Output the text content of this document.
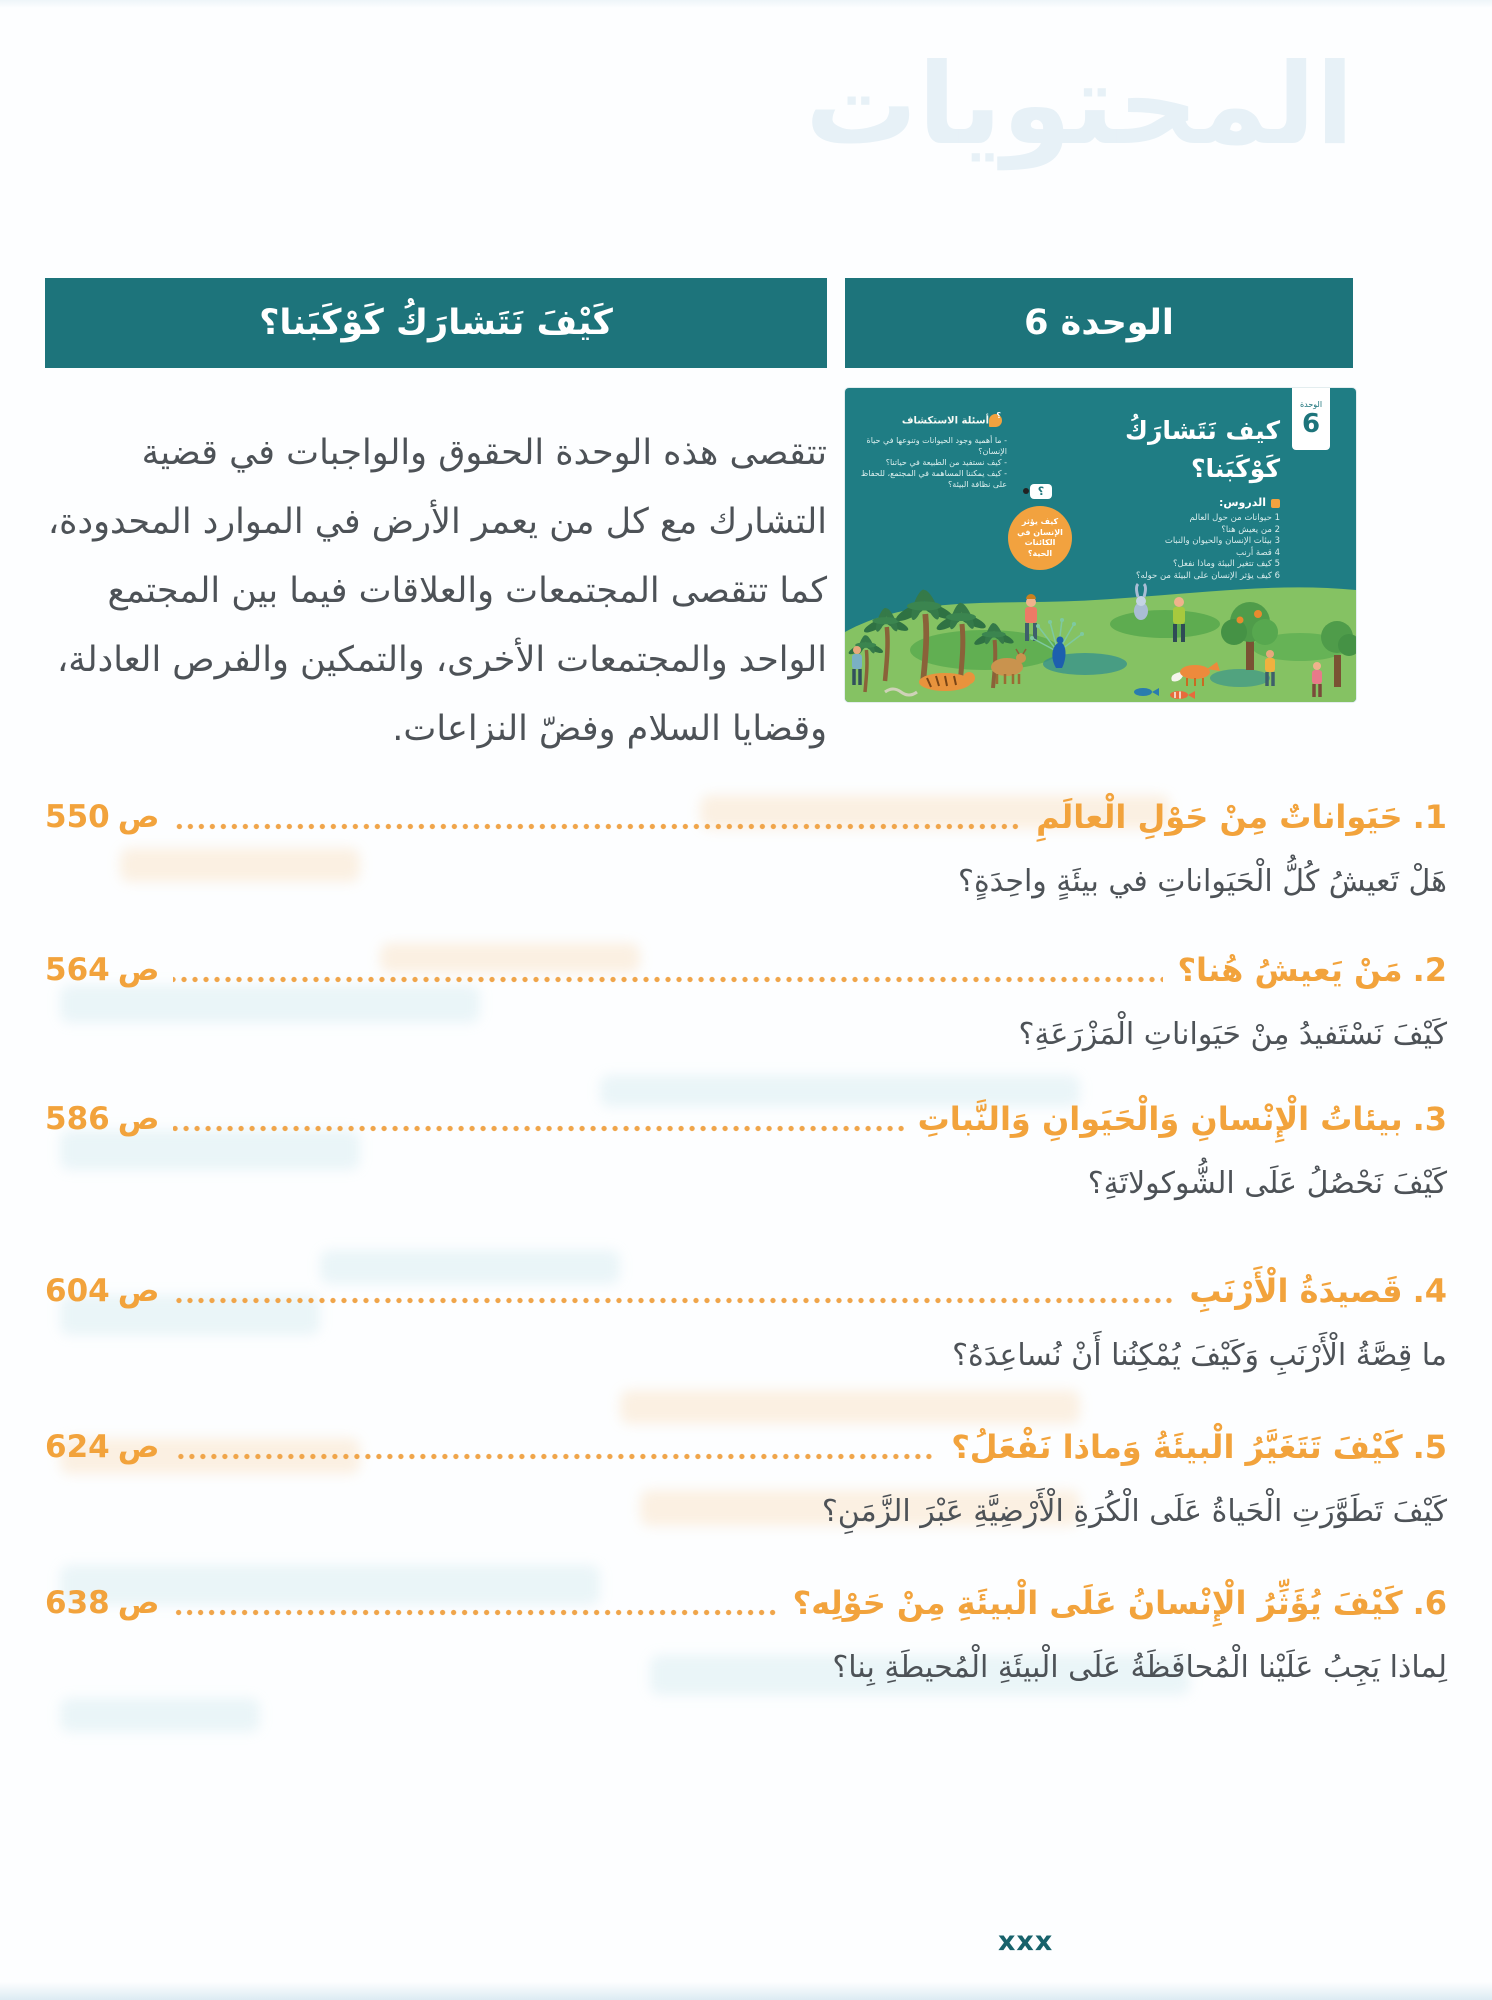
المحتويات
كَيْفَ نَتَشارَكُ كَوْكَبَنا؟	الوحدة 6

تتقصى هذه الوحدة الحقوق والواجبات في قضية التشارك مع كل من يعمر الأرض في الموارد المحدودة، كما تتقصى المجتمعات والعلاقات فيما بين المجتمع الواحد والمجتمعات الأخرى، والتمكين والفرص العادلة، وقضايا السلام وفضّ النزاعات.

الوحدة
6
كيف نَتَشارَكُ كَوْكَبَنا؟
الدروس:
1 حيوانات من حول العالم
2 من يعيش هنا؟
3 بيئات الإنسان والحيوان والنبات
4 قصة أرنب
5 كيف تتغير البيئة وماذا نفعل؟
6 كيف يؤثر الإنسان على البيئة من حوله؟
؟أسئلة الاستكشاف
- ما أهمية وجود الحيوانات وتنوعها في حياة الإنسان؟
- كيف نستفيد من الطبيعة في حياتنا؟
- كيف يمكننا المساهمة في المجتمع، للحفاظ على نظافة البيئة؟
؟
كيف يؤثر الإنسان في الكائنات الحية؟
1.حَيَواناتٌ مِنْ حَوْلِ الْعالَمِ
ص550
هَلْ تَعيشُ كُلُّ الْحَيَواناتِ في بيئَةٍ واحِدَةٍ؟
2.مَنْ يَعيشُ هُنا؟
ص564
كَيْفَ نَسْتَفيدُ مِنْ حَيَواناتِ الْمَزْرَعَةِ؟
3.بيئاتُ الْإِنْسانِ وَالْحَيَوانِ وَالنَّباتِ
ص586
كَيْفَ نَحْصُلُ عَلَى الشُّوكولاتَةِ؟
4.قَصيدَةُ الْأَرْنَبِ
ص604
ما قِصَّةُ الْأَرْنَبِ وَكَيْفَ يُمْكِنُنا أَنْ نُساعِدَهُ؟
5.كَيْفَ تَتَغَيَّرُ الْبيئَةُ وَماذا نَفْعَلُ؟
ص624
كَيْفَ تَطَوَّرَتِ الْحَياةُ عَلَى الْكُرَةِ الْأَرْضِيَّةِ عَبْرَ الزَّمَنِ؟
6.كَيْفَ يُؤَثِّرُ الْإِنْسانُ عَلَى الْبيئَةِ مِنْ حَوْلِه؟
ص638
لِماذا يَجِبُ عَلَيْنا الْمُحافَظَةُ عَلَى الْبيئَةِ الْمُحيطَةِ بِنا؟
xxx
